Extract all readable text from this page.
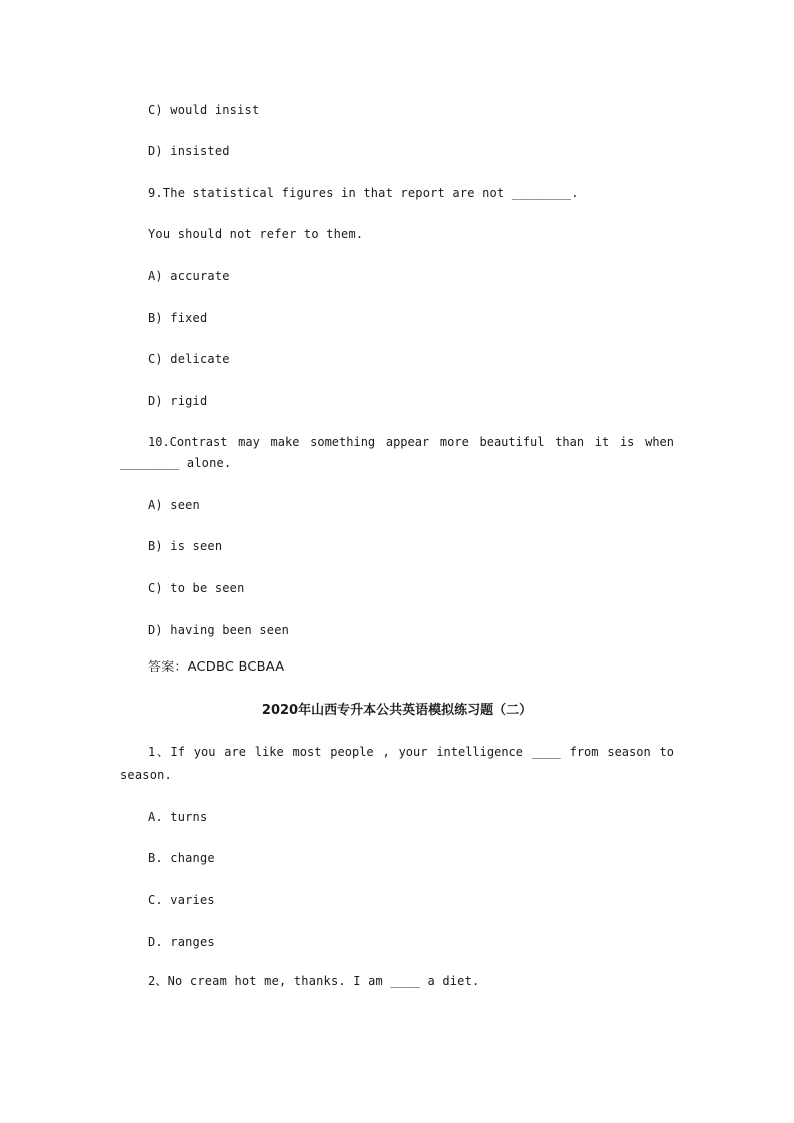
C) would insist
D) insisted
9.The statistical figures in that report are not ________.
You should not refer to them.
A) accurate
B) fixed
C) delicate
D) rigid
10.Contrast may make something appear more beautiful than it is when
________ alone.
A) seen
B) is seen
C) to be seen
D) having been seen
答案：ACDBC BCBAA
2020年山西专升本公共英语模拟练习题（二）
1、If you are like most people , your intelligence ____ from season to
season.
A. turns
B. change
C. varies
D. ranges
2、No cream hot me, thanks. I am ____ a diet.
